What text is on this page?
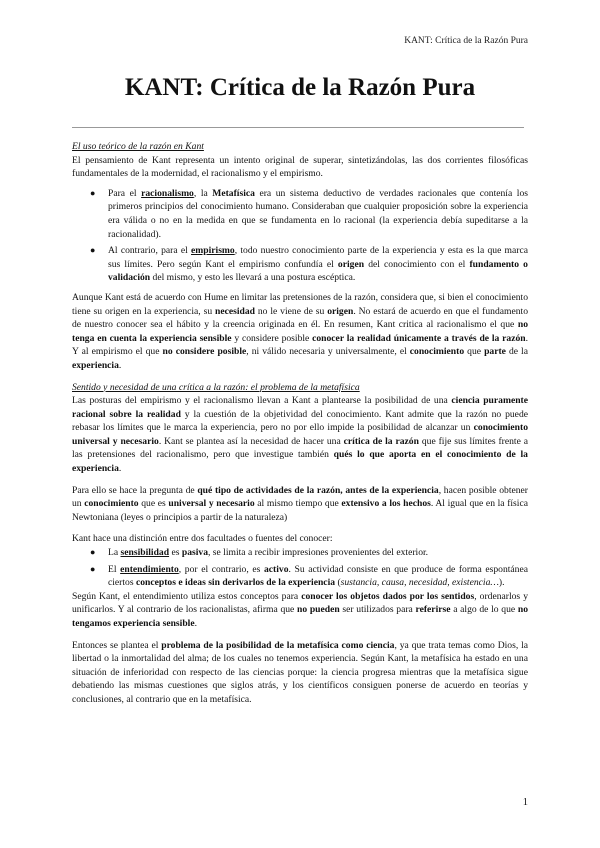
KANT: Crítica de la Razón Pura
KANT: Crítica de la Razón Pura

El uso teórico de la razón en Kant

El pensamiento de Kant representa un intento original de superar, sintetizándolas, las dos corrientes filosóficas fundamentales de la modernidad, el racionalismo y el empirismo.

● Para el racionalismo, la Metafísica era un sistema deductivo de verdades racionales que contenía los primeros principios del conocimiento humano. Consideraban que cualquier proposición sobre la experiencia era válida o no en la medida en que se fundamenta en lo racional (la experiencia debía supeditarse a la racionalidad).
● Al contrario, para el empirismo, todo nuestro conocimiento parte de la experiencia y esta es la que marca sus límites. Pero según Kant el empirismo confundía el origen del conocimiento con el fundamento o validación del mismo, y esto les llevará a una postura escéptica.

Aunque Kant está de acuerdo con Hume en limitar las pretensiones de la razón, considera que, si bien el conocimiento tiene su origen en la experiencia, su necesidad no le viene de su origen. No estará de acuerdo en que el fundamento de nuestro conocer sea el hábito y la creencia originada en él. En resumen, Kant critica al racionalismo el que no tenga en cuenta la experiencia sensible y considere posible conocer la realidad únicamente a través de la razón. Y al empirismo el que no considere posible, ni válido necesaria y universalmente, el conocimiento que parte de la experiencia.

Sentido y necesidad de una crítica a la razón: el problema de la metafísica

Las posturas del empirismo y el racionalismo llevan a Kant a plantearse la posibilidad de una ciencia puramente racional sobre la realidad y la cuestión de la objetividad del conocimiento. Kant admite que la razón no puede rebasar los límites que le marca la experiencia, pero no por ello impide la posibilidad de alcanzar un conocimiento universal y necesario. Kant se plantea así la necesidad de hacer una crítica de la razón que fije sus límites frente a las pretensiones del racionalismo, pero que investigue también qués lo que aporta en el conocimiento de la experiencia.

Para ello se hace la pregunta de qué tipo de actividades de la razón, antes de la experiencia, hacen posible obtener un conocimiento que es universal y necesario al mismo tiempo que extensivo a los hechos. Al igual que en la física Newtoniana (leyes o principios a partir de la naturaleza)

Kant hace una distinción entre dos facultades o fuentes del conocer:

● La sensibilidad es pasiva, se limita a recibir impresiones provenientes del exterior.
● El entendimiento, por el contrario, es activo. Su actividad consiste en que produce de forma espontánea ciertos conceptos e ideas sin derivarlos de la experiencia (sustancia, causa, necesidad, existencia…).

Según Kant, el entendimiento utiliza estos conceptos para conocer los objetos dados por los sentidos, ordenarlos y unificarlos. Y al contrario de los racionalistas, afirma que no pueden ser utilizados para referirse a algo de lo que no tengamos experiencia sensible.

Entonces se plantea el problema de la posibilidad de la metafísica como ciencia, ya que trata temas como Dios, la libertad o la inmortalidad del alma; de los cuales no tenemos experiencia. Según Kant, la metafísica ha estado en una situación de inferioridad con respecto de las ciencias porque: la ciencia progresa mientras que la metafísica sigue debatiendo las mismas cuestiones que siglos atrás, y los científicos consiguen ponerse de acuerdo en teorías y conclusiones, al contrario que en la metafísica.

1
